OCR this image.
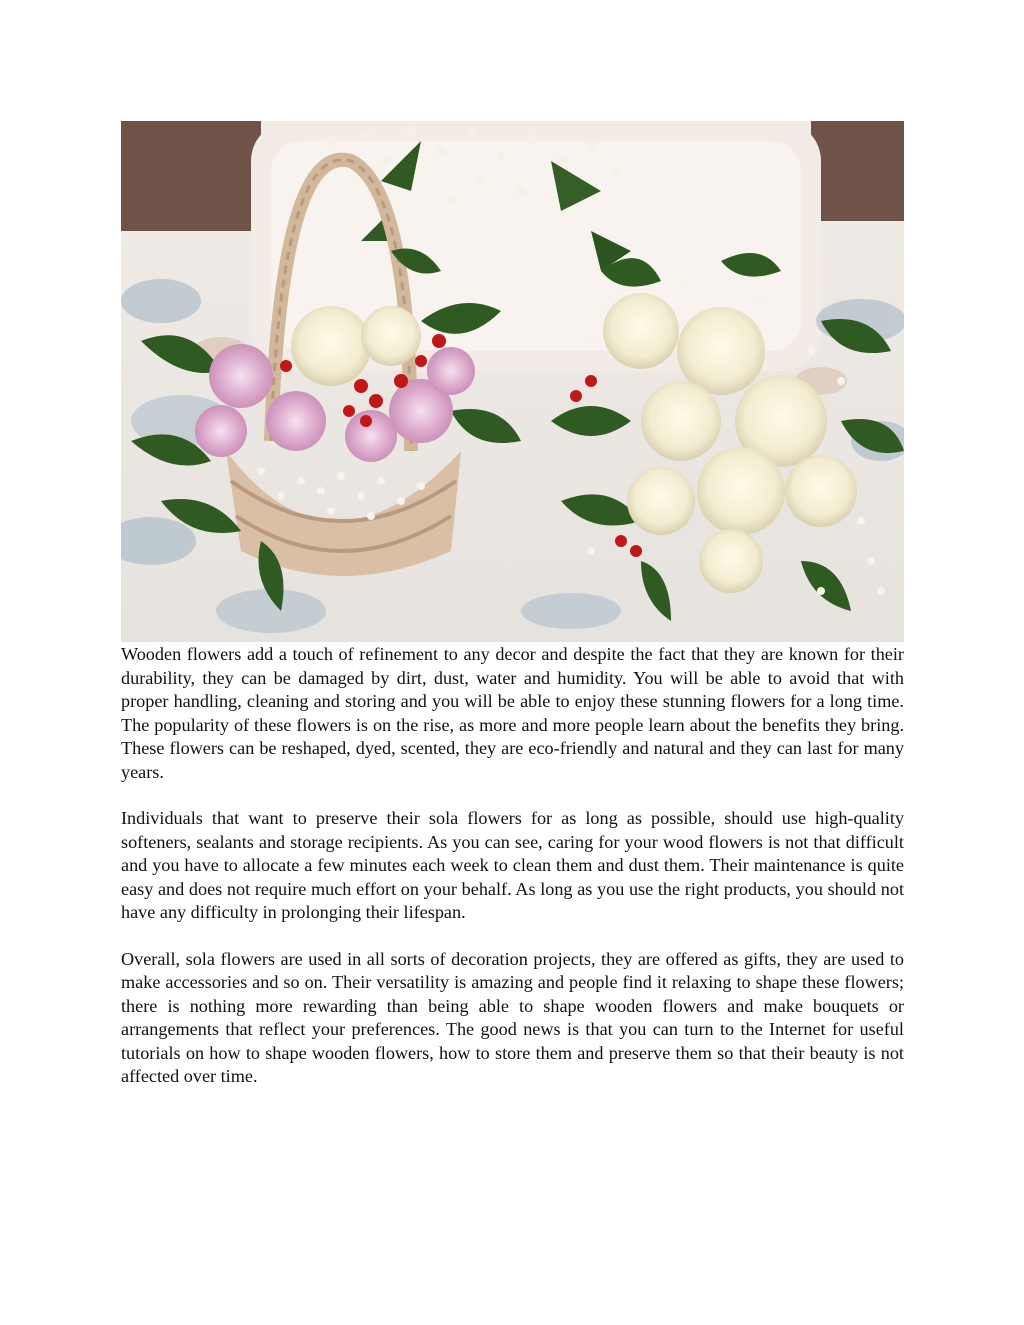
Wooden flowers add a touch of refinement to any decor and despite the fact that they are known for their durability, they can be damaged by dirt, dust, water and humidity. You will be able to avoid that with proper handling, cleaning and storing and you will be able to enjoy these stunning flowers for a long time. The popularity of these flowers is on the rise, as more and more people learn about the benefits they bring. These flowers can be reshaped, dyed, scented, they are eco-friendly and natural and they can last for many years.

Individuals that want to preserve their sola flowers for as long as possible, should use high-quality softeners, sealants and storage recipients. As you can see, caring for your wood flowers is not that difficult and you have to allocate a few minutes each week to clean them and dust them. Their maintenance is quite easy and does not require much effort on your behalf. As long as you use the right products, you should not have any difficulty in prolonging their lifespan.

Overall, sola flowers are used in all sorts of decoration projects, they are offered as gifts, they are used to make accessories and so on. Their versatility is amazing and people find it relaxing to shape these flowers; there is nothing more rewarding than being able to shape wooden flowers and make bouquets or arrangements that reflect your preferences. The good news is that you can turn to the Internet for useful tutorials on how to shape wooden flowers, how to store them and preserve them so that their beauty is not affected over time.
